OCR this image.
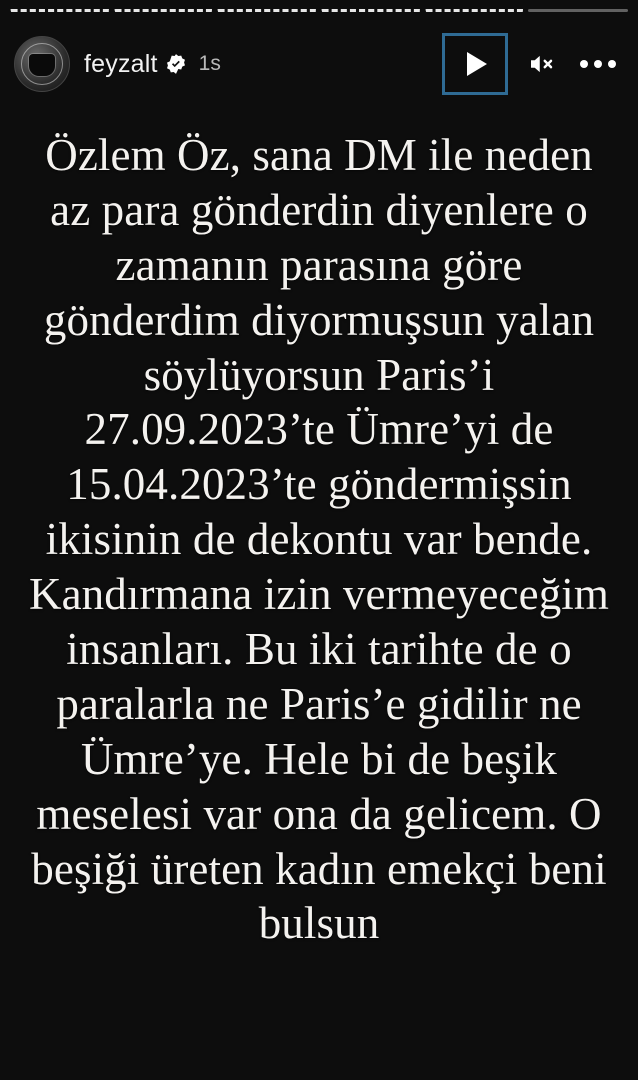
feyzalt 1s
Özlem Öz, sana DM ile neden az para gönderdin diyenlere o zamanın parasına göre gönderdim diyormuşsun yalan söylüyorsun Paris’i 27.09.2023’te Ümre’yi de 15.04.2023’te göndermişsin ikisinin de dekontu var bende. Kandırmana izin vermeyeceğim insanları. Bu iki tarihte de o paralarla ne Paris’e gidilir ne Ümre’ye. Hele bi de beşik meselesi var ona da gelicem. O beşiği üreten kadın emekçi beni bulsun
